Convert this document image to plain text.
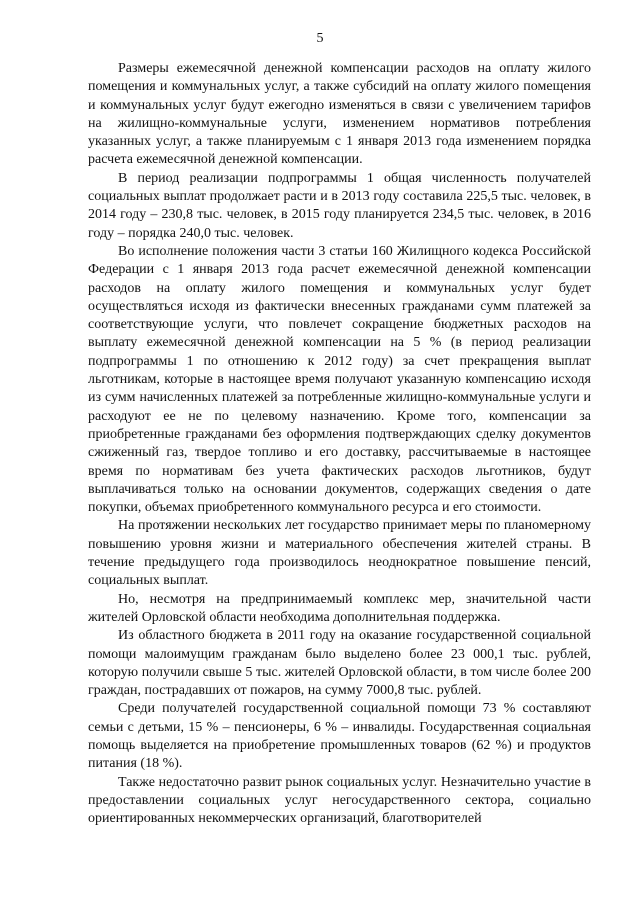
5

Размеры ежемесячной денежной компенсации расходов на оплату жилого помещения и коммунальных услуг, а также субсидий на оплату жилого помещения и коммунальных услуг будут ежегодно изменяться в связи с увеличением тарифов на жилищно-коммунальные услуги, изменением нормативов потребления указанных услуг, а также планируемым с 1 января 2013 года изменением порядка расчета ежемесячной денежной компенсации.

В период реализации подпрограммы 1 общая численность получателей социальных выплат продолжает расти и в 2013 году составила 225,5 тыс. человек, в 2014 году – 230,8 тыс. человек, в 2015 году планируется 234,5 тыс. человек, в 2016 году – порядка 240,0 тыс. человек.

Во исполнение положения части 3 статьи 160 Жилищного кодекса Российской Федерации с 1 января 2013 года расчет ежемесячной денежной компенсации расходов на оплату жилого помещения и коммунальных услуг будет осуществляться исходя из фактически внесенных гражданами сумм платежей за соответствующие услуги, что повлечет сокращение бюджетных расходов на выплату ежемесячной денежной компенсации на 5 % (в период реализации подпрограммы 1 по отношению к 2012 году) за счет прекращения выплат льготникам, которые в настоящее время получают указанную компенсацию исходя из сумм начисленных платежей за потребленные жилищно-коммунальные услуги и расходуют ее не по целевому назначению. Кроме того, компенсации за приобретенные гражданами без оформления подтверждающих сделку документов сжиженный газ, твердое топливо и его доставку, рассчитываемые в настоящее время по нормативам без учета фактических расходов льготников, будут выплачиваться только на основании документов, содержащих сведения о дате покупки, объемах приобретенного коммунального ресурса и его стоимости.

На протяжении нескольких лет государство принимает меры по планомерному повышению уровня жизни и материального обеспечения жителей страны. В течение предыдущего года производилось неоднократное повышение пенсий, социальных выплат.

Но, несмотря на предпринимаемый комплекс мер, значительной части жителей Орловской области необходима дополнительная поддержка.

Из областного бюджета в 2011 году на оказание государственной социальной помощи малоимущим гражданам было выделено более 23 000,1 тыс. рублей, которую получили свыше 5 тыс. жителей Орловской области, в том числе более 200 граждан, пострадавших от пожаров, на сумму 7000,8 тыс. рублей.

Среди получателей государственной социальной помощи 73 % составляют семьи с детьми, 15 % – пенсионеры, 6 % – инвалиды. Государственная социальная помощь выделяется на приобретение промышленных товаров (62 %) и продуктов питания (18 %).

Также недостаточно развит рынок социальных услуг. Незначительно участие в предоставлении социальных услуг негосударственного сектора, социально ориентированных некоммерческих организаций, благотворителей
